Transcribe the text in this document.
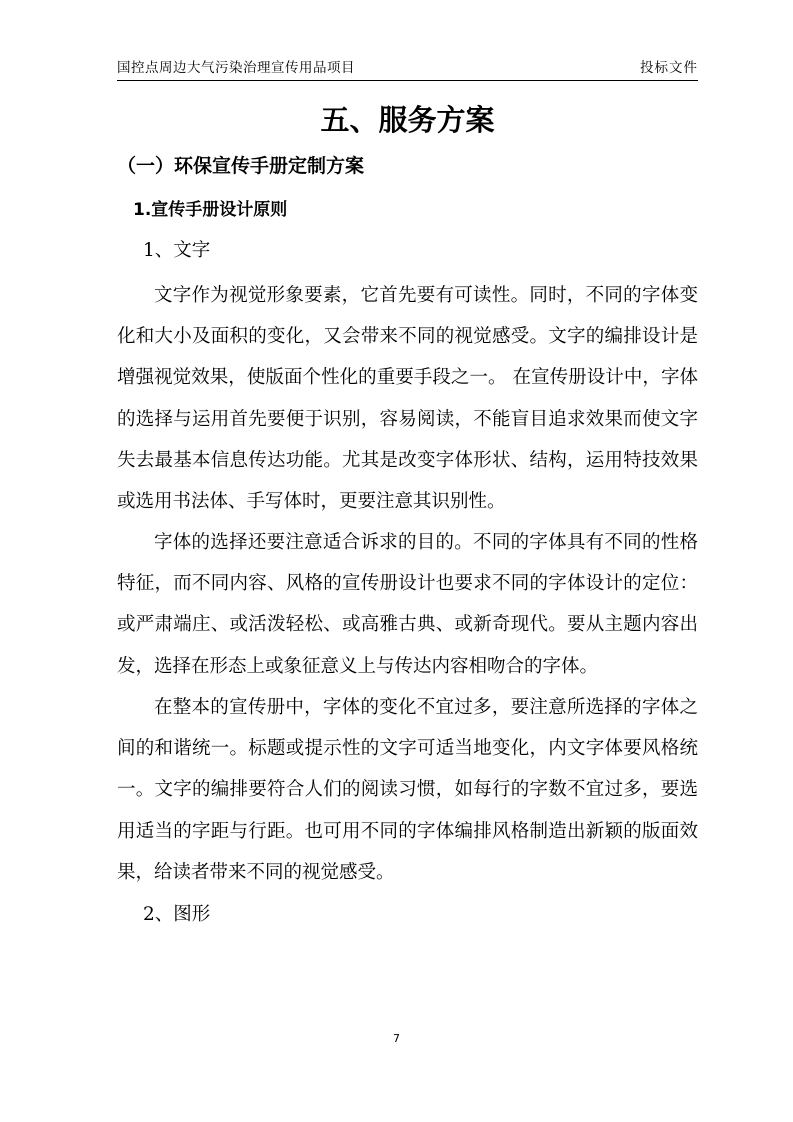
国控点周边大气污染治理宣传用品项目	投标文件
五、服务方案
（一）环保宣传手册定制方案
1.宣传手册设计原则
1、文字

文字作为视觉形象要素，它首先要有可读性。同时，不同的字体变化和大小及面积的变化，又会带来不同的视觉感受。文字的编排设计是增强视觉效果，使版面个性化的重要手段之一。 在宣传册设计中，字体的选择与运用首先要便于识别，容易阅读，不能盲目追求效果而使文字失去最基本信息传达功能。尤其是改变字体形状、结构，运用特技效果或选用书法体、手写体时，更要注意其识别性。

字体的选择还要注意适合诉求的目的。不同的字体具有不同的性格特征，而不同内容、风格的宣传册设计也要求不同的字体设计的定位：或严肃端庄、或活泼轻松、或高雅古典、或新奇现代。要从主题内容出发，选择在形态上或象征意义上与传达内容相吻合的字体。

在整本的宣传册中，字体的变化不宜过多，要注意所选择的字体之间的和谐统一。标题或提示性的文字可适当地变化，内文字体要风格统一。文字的编排要符合人们的阅读习惯，如每行的字数不宜过多，要选用适当的字距与行距。也可用不同的字体编排风格制造出新颖的版面效果，给读者带来不同的视觉感受。

2、图形
7
